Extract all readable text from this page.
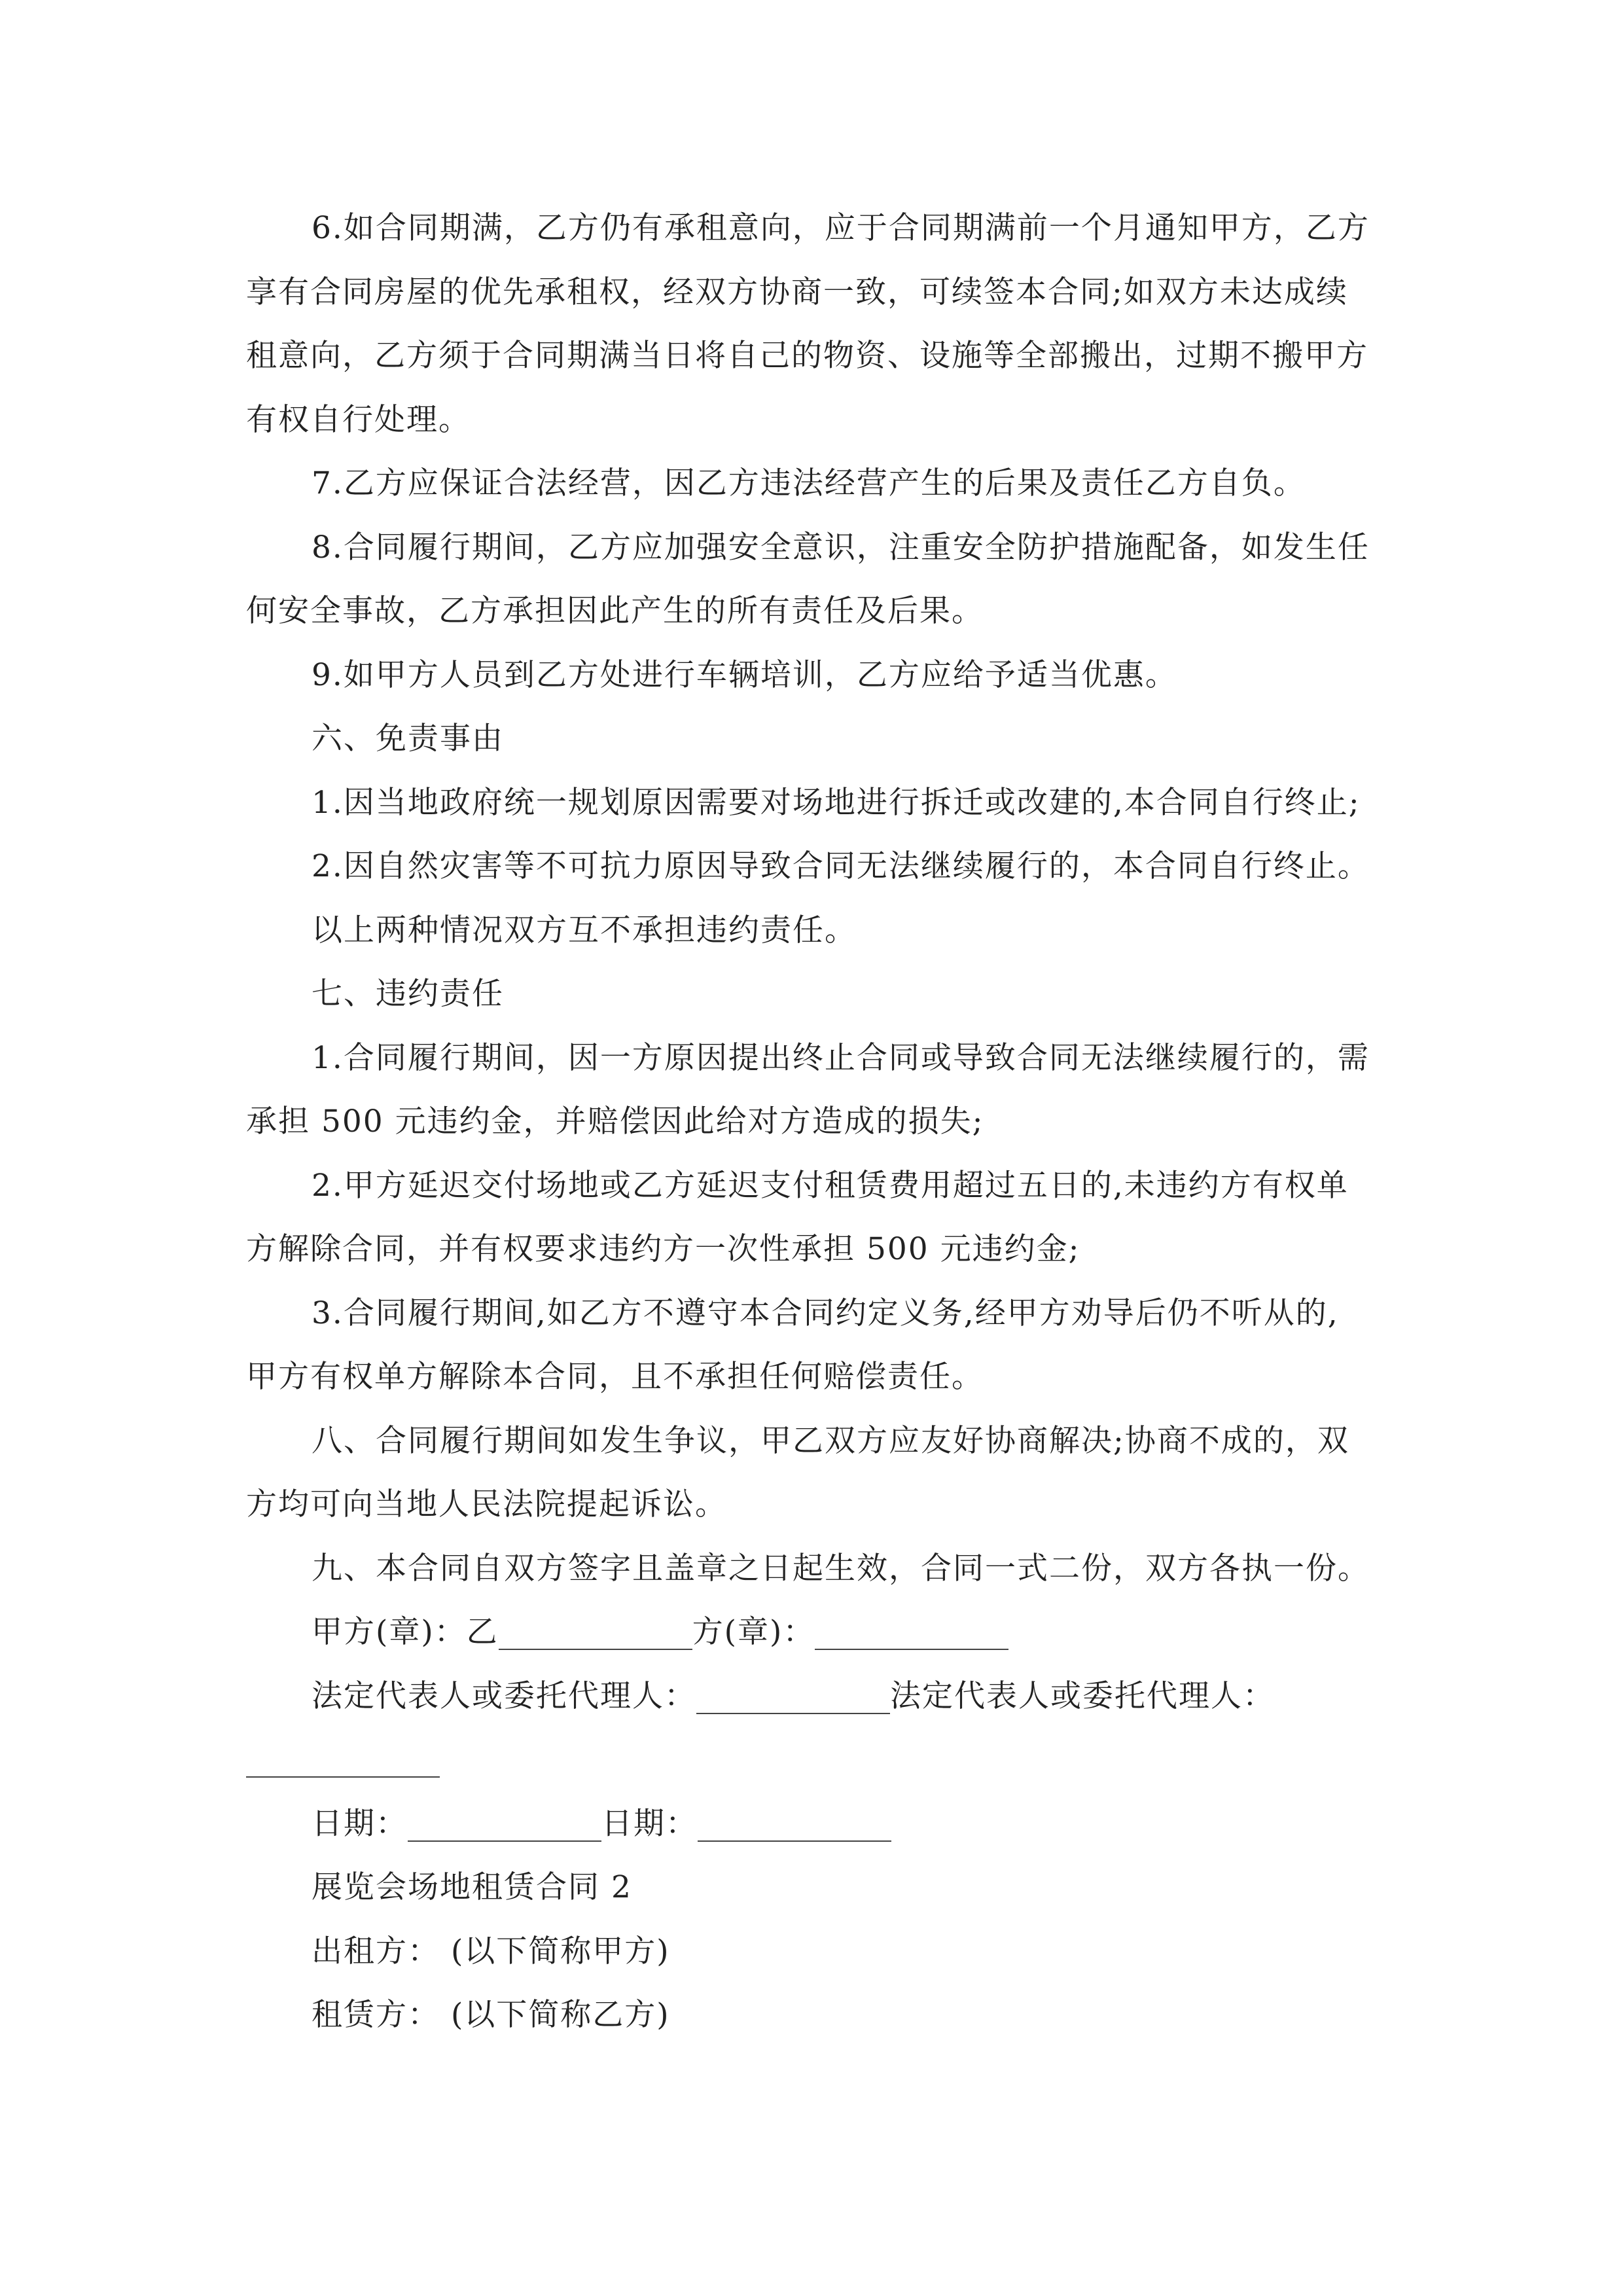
6.如合同期满，乙方仍有承租意向，应于合同期满前一个月通知甲方，乙方
享有合同房屋的优先承租权，经双方协商一致，可续签本合同;如双方未达成续
租意向，乙方须于合同期满当日将自己的物资、设施等全部搬出，过期不搬甲方
有权自行处理。
7.乙方应保证合法经营，因乙方违法经营产生的后果及责任乙方自负。
8.合同履行期间，乙方应加强安全意识，注重安全防护措施配备，如发生任
何安全事故，乙方承担因此产生的所有责任及后果。
9.如甲方人员到乙方处进行车辆培训，乙方应给予适当优惠。
六、免责事由
1.因当地政府统一规划原因需要对场地进行拆迁或改建的,本合同自行终止;
2.因自然灾害等不可抗力原因导致合同无法继续履行的，本合同自行终止。
以上两种情况双方互不承担违约责任。
七、违约责任
1.合同履行期间，因一方原因提出终止合同或导致合同无法继续履行的，需
承担 500 元违约金，并赔偿因此给对方造成的损失;
2.甲方延迟交付场地或乙方延迟支付租赁费用超过五日的,未违约方有权单
方解除合同，并有权要求违约方一次性承担 500 元违约金;
3.合同履行期间,如乙方不遵守本合同约定义务,经甲方劝导后仍不听从的,
甲方有权单方解除本合同，且不承担任何赔偿责任。
八、合同履行期间如发生争议，甲乙双方应友好协商解决;协商不成的，双
方均可向当地人民法院提起诉讼。
九、本合同自双方签字且盖章之日起生效，合同一式二份，双方各执一份。
甲方(章)：乙	方(章)：
法定代表人或委托代理人：	法定代表人或委托代理人：
日期：	日期：
展览会场地租赁合同 2
出租方： (以下简称甲方)
租赁方： (以下简称乙方)
